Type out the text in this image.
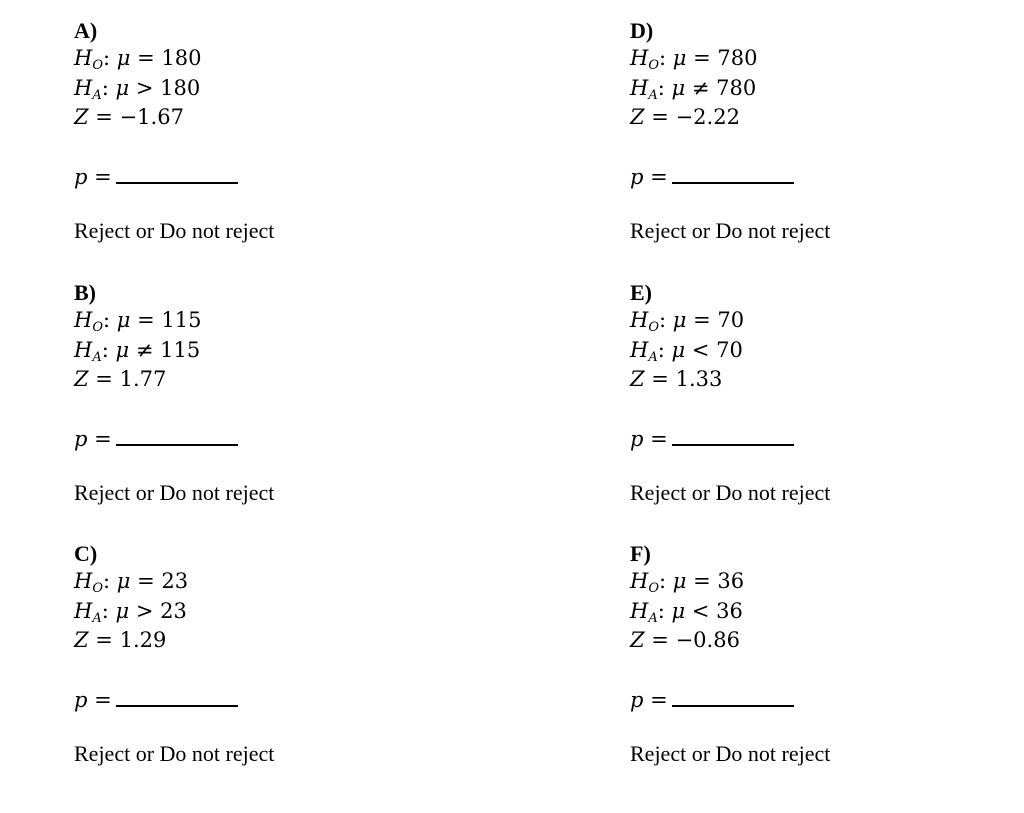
A)
$H_O$: μ = 180
$H_A$: μ > 180
Z = −1.67
p =
Reject or Do not reject
D)
$H_O$: μ = 780
$H_A$: μ ≠ 780
Z = −2.22
p =
Reject or Do not reject
B)
$H_O$: μ = 115
$H_A$: μ ≠ 115
Z = 1.77
p =
Reject or Do not reject
E)
$H_O$: μ = 70
$H_A$: μ < 70
Z = 1.33
p =
Reject or Do not reject
C)
$H_O$: μ = 23
$H_A$: μ > 23
Z = 1.29
p =
Reject or Do not reject
F)
$H_O$: μ = 36
$H_A$: μ < 36
Z = −0.86
p =
Reject or Do not reject
